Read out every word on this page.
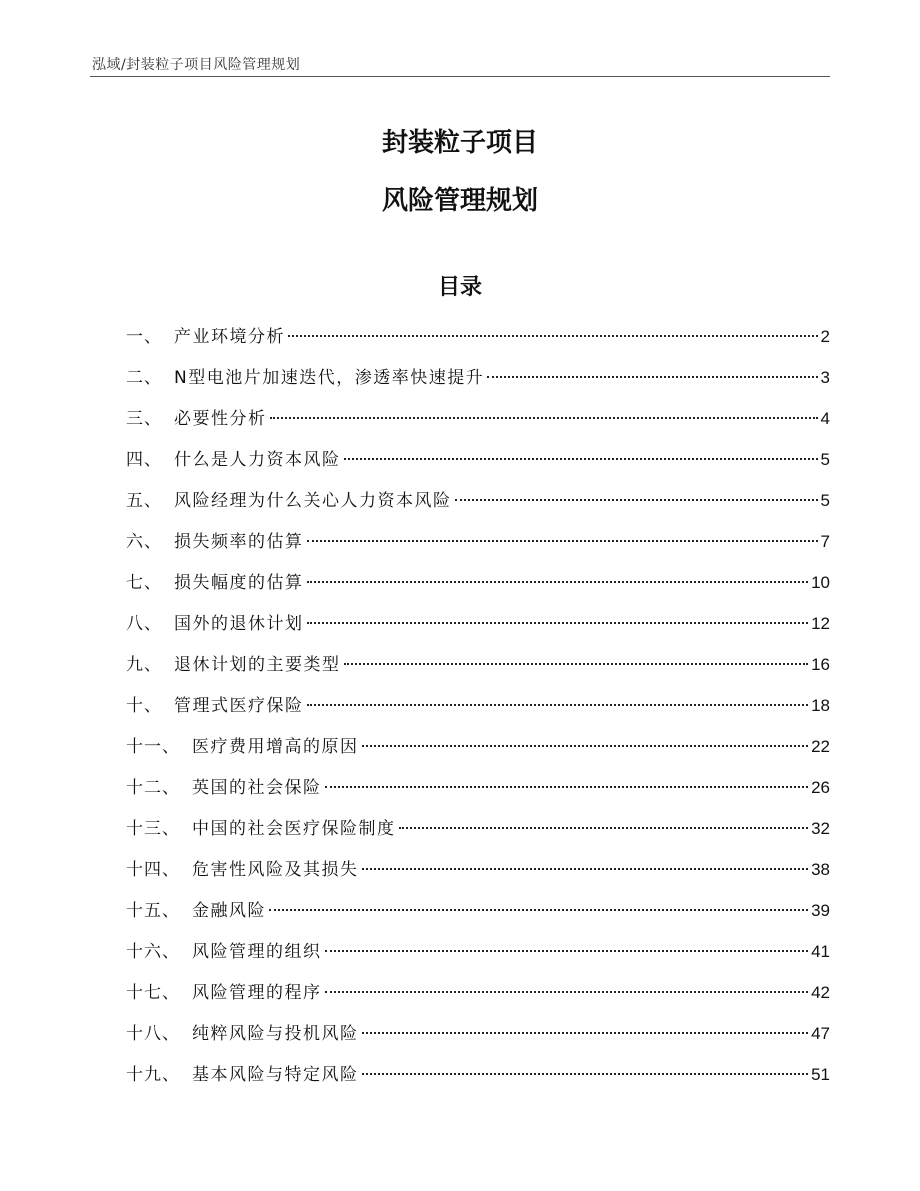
泓域/封装粒子项目风险管理规划
封装粒子项目
风险管理规划
目录
一、 产业环境分析	2
二、 N型电池片加速迭代，渗透率快速提升	3
三、 必要性分析	4
四、 什么是人力资本风险	5
五、 风险经理为什么关心人力资本风险	5
六、 损失频率的估算	7
七、 损失幅度的估算	10
八、 国外的退休计划	12
九、 退休计划的主要类型	16
十、 管理式医疗保险	18
十一、 医疗费用增高的原因	22
十二、 英国的社会保险	26
十三、 中国的社会医疗保险制度	32
十四、 危害性风险及其损失	38
十五、 金融风险	39
十六、 风险管理的组织	41
十七、 风险管理的程序	42
十八、 纯粹风险与投机风险	47
十九、 基本风险与特定风险	51
